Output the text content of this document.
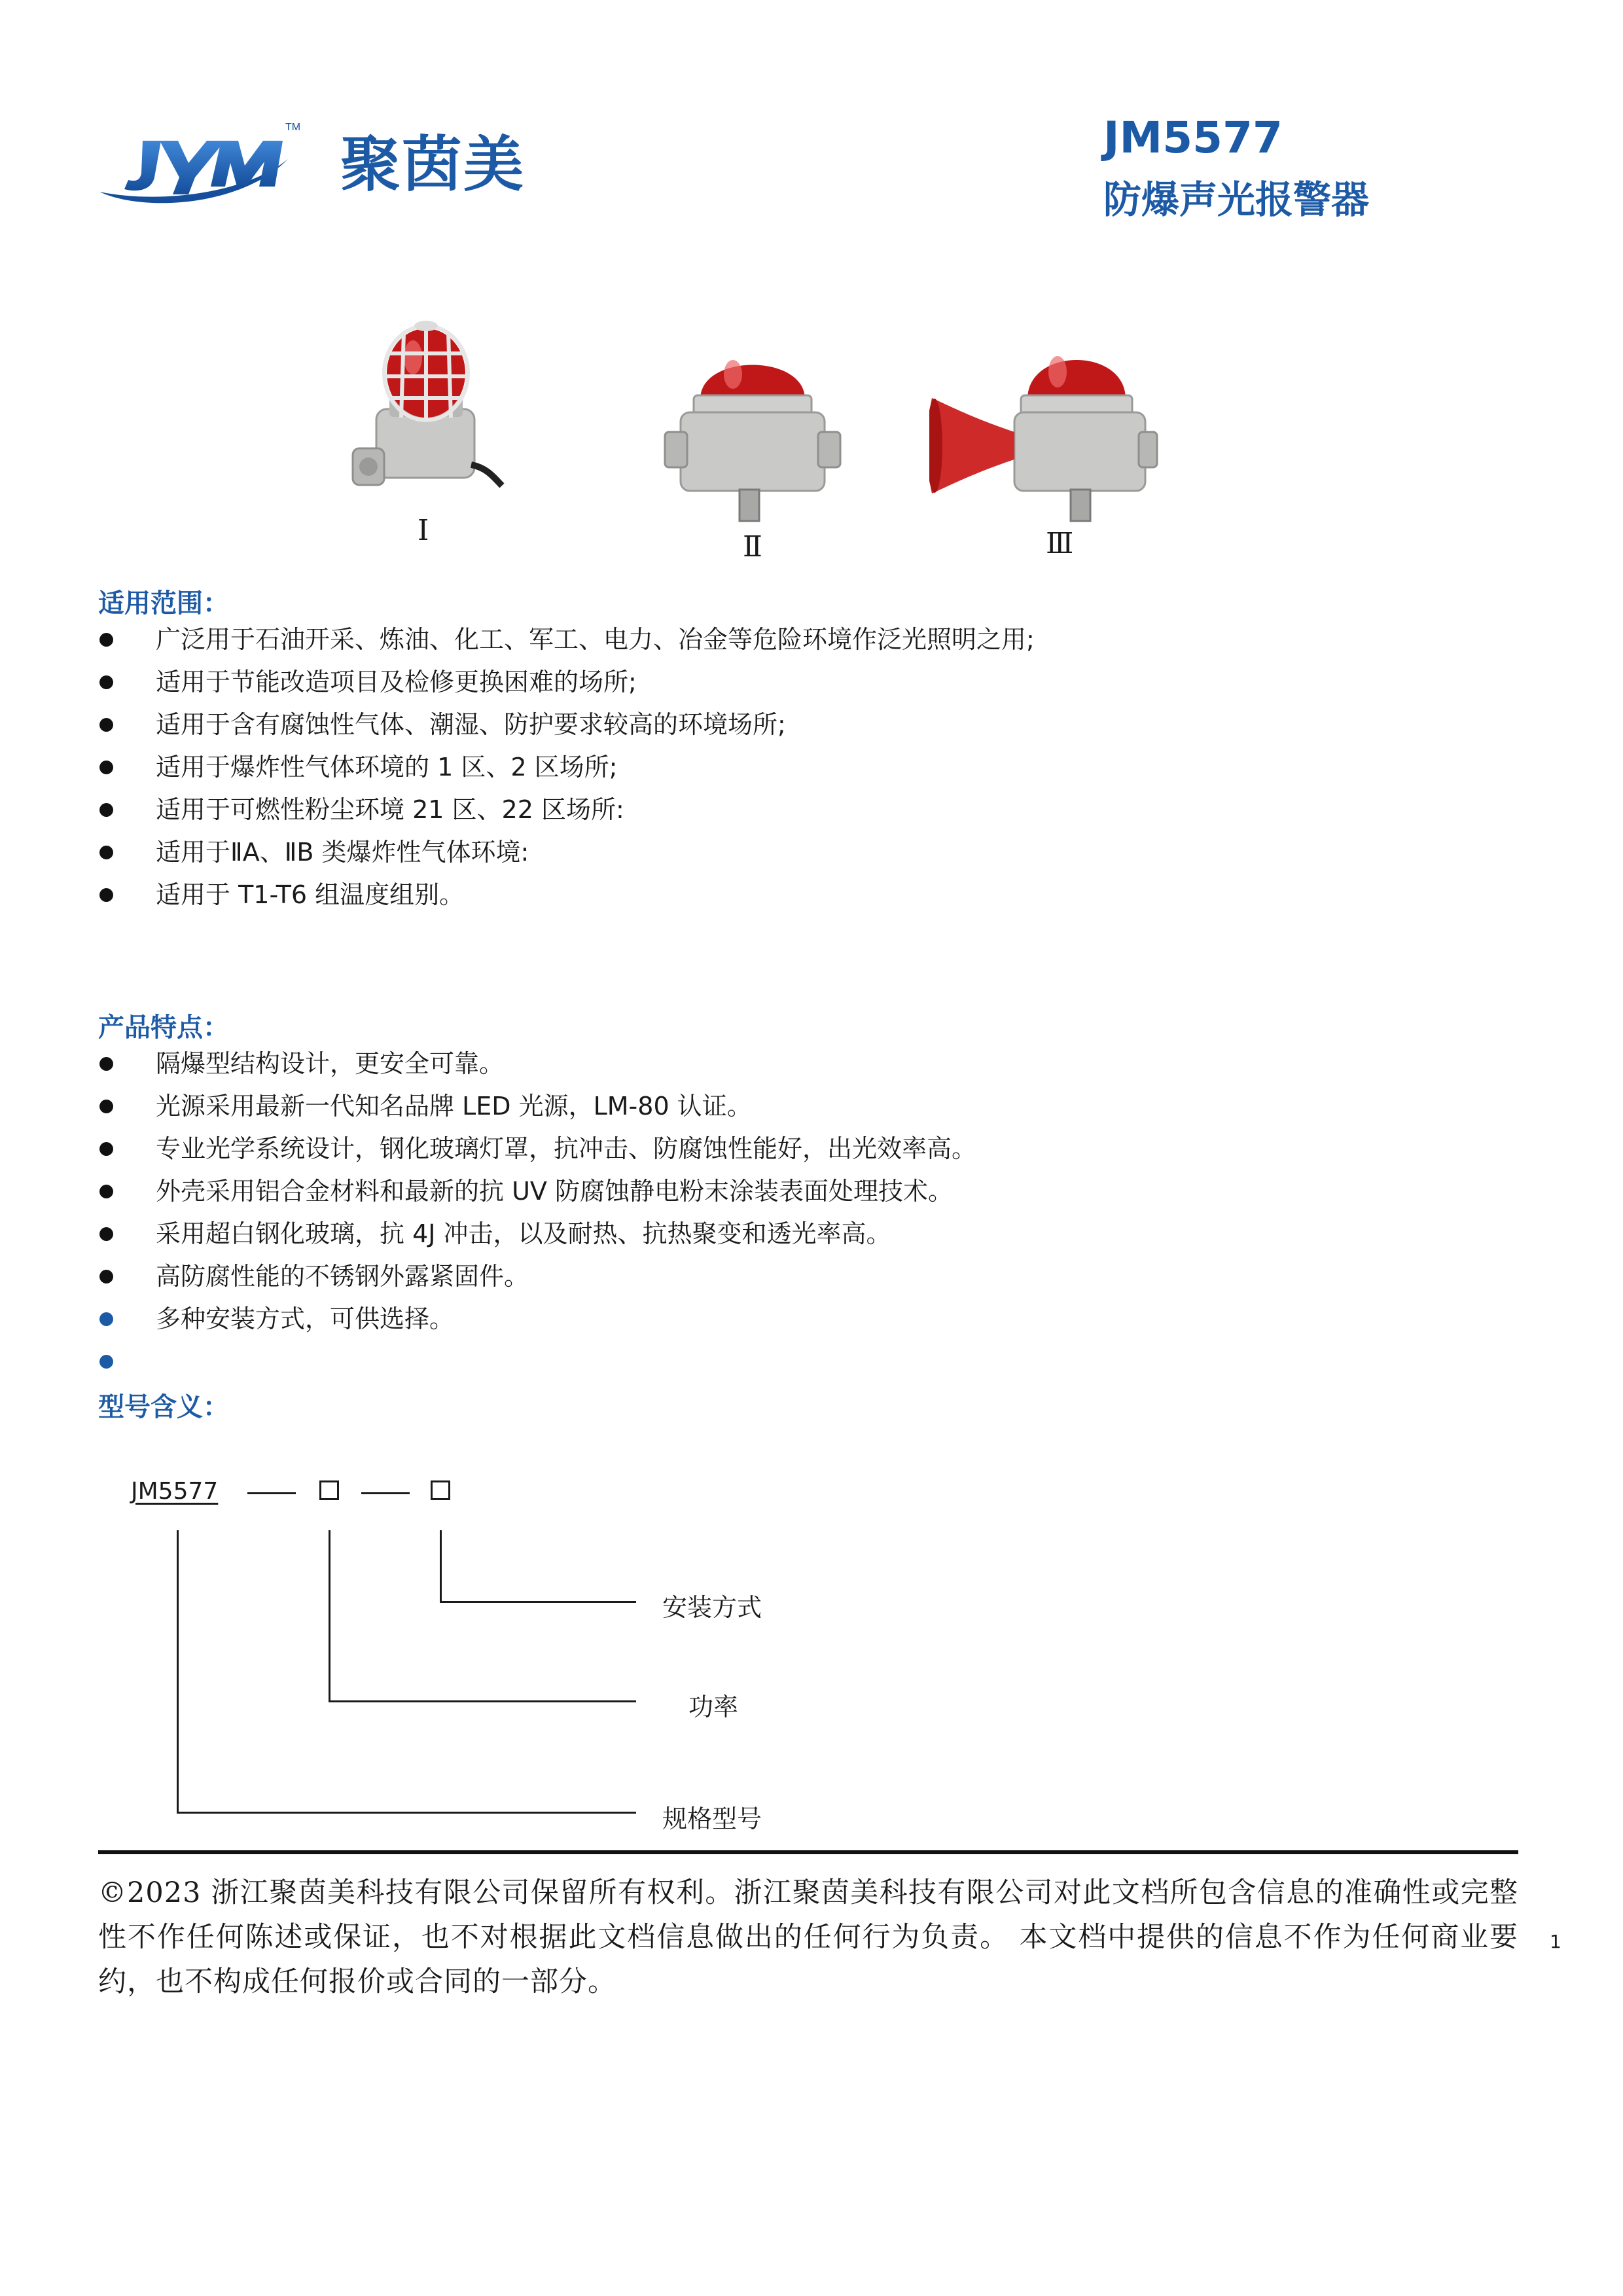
TM
聚茵美	JM5577
防爆声光报警器
Ⅰ	Ⅱ	Ⅲ
适用范围：
广泛用于石油开采、炼油、化工、军工、电力、冶金等危险环境作泛光照明之用;
适用于节能改造项目及检修更换困难的场所;
适用于含有腐蚀性气体、潮湿、防护要求较高的环境场所;
适用于爆炸性气体环境的 1 区、2 区场所;
适用于可燃性粉尘环境 21 区、22 区场所:
适用于ⅡA、ⅡB 类爆炸性气体环境:
适用于 T1-T6 组温度组别。
产品特点：
隔爆型结构设计，更安全可靠。
光源采用最新一代知名品牌 LED 光源，LM-80 认证。
专业光学系统设计，钢化玻璃灯罩，抗冲击、防腐蚀性能好，出光效率高。
外壳采用铝合金材料和最新的抗 UV 防腐蚀静电粉末涂装表面处理技术。
采用超白钢化玻璃，抗 4J 冲击，以及耐热、抗热聚变和透光率高。
高防腐性能的不锈钢外露紧固件。
多种安装方式，可供选择。
型号含义：
JM5577
安装方式
功率
规格型号
©2023 浙江聚茵美科技有限公司保留所有权利。浙江聚茵美科技有限公司对此文档所包含信息的准确性或完整性不作任何陈述或保证，也不对根据此文档信息做出的任何行为负责。 本文档中提供的信息不作为任何商业要约，也不构成任何报价或合同的一部分。
1
